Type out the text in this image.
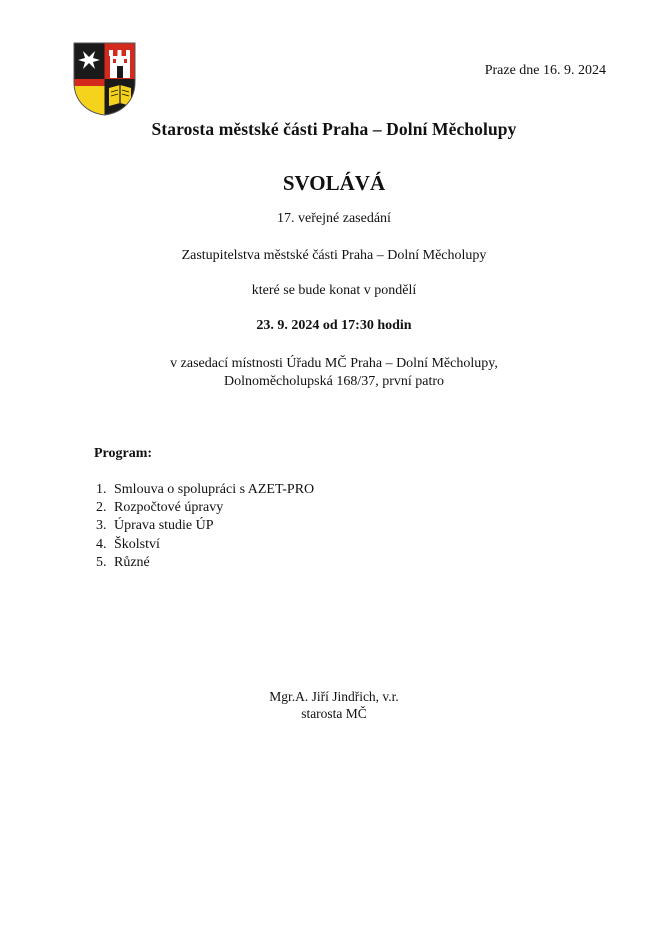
Praze dne 16. 9. 2024
Starosta městské části Praha – Dolní Měcholupy
SVOLÁVÁ
17. veřejné zasedání
Zastupitelstva městské části Praha – Dolní Měcholupy
které se bude konat v pondělí
23. 9. 2024 od 17:30 hodin
v zasedací místnosti Úřadu MČ Praha – Dolní Měcholupy,
Dolnoměcholupská 168/37, první patro
Program:
1. Smlouva o spolupráci s AZET-PRO
2. Rozpočtové úpravy
3. Úprava studie ÚP
4. Školství
5. Různé
Mgr.A. Jiří Jindřich, v.r.
starosta MČ
